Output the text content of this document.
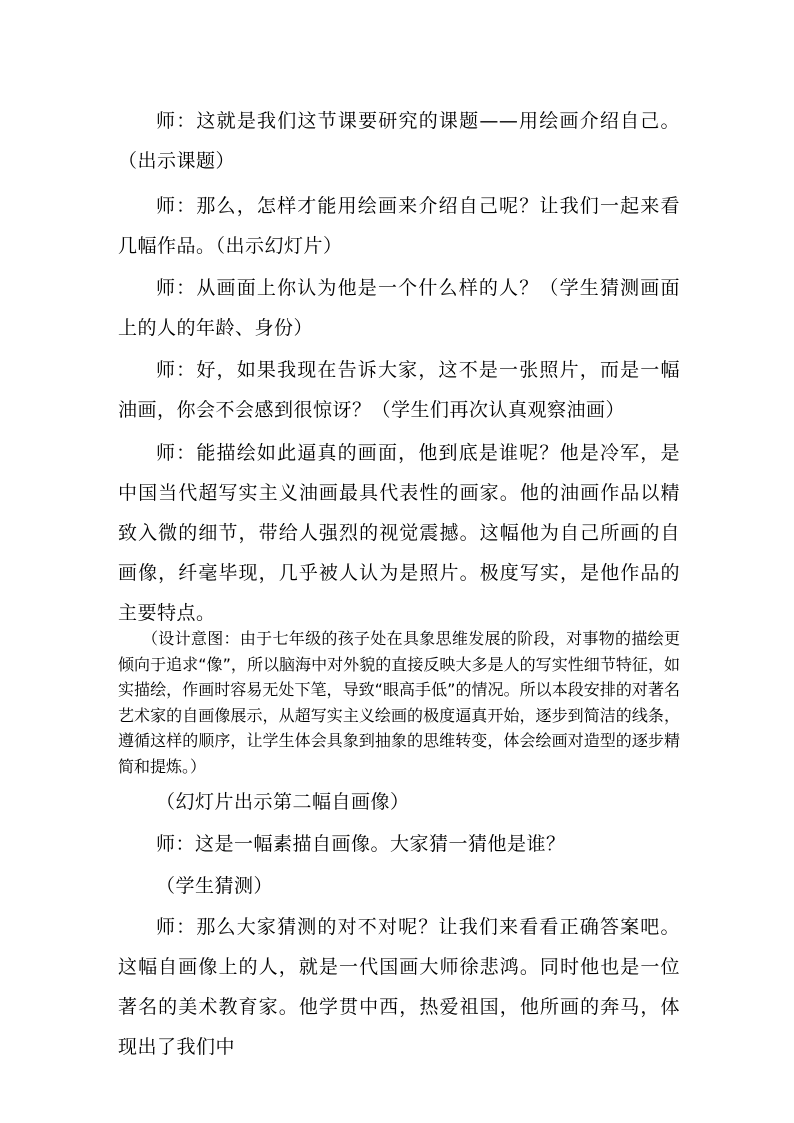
师：这就是我们这节课要研究的课题——用绘画介绍自己。（出示课题）

师：那么，怎样才能用绘画来介绍自己呢？让我们一起来看几幅作品。（出示幻灯片）

师：从画面上你认为他是一个什么样的人？（学生猜测画面上的人的年龄、身份）

师：好，如果我现在告诉大家，这不是一张照片，而是一幅油画，你会不会感到很惊讶？（学生们再次认真观察油画）

师：能描绘如此逼真的画面，他到底是谁呢？他是冷军，是中国当代超写实主义油画最具代表性的画家。他的油画作品以精致入微的细节，带给人强烈的视觉震撼。这幅他为自己所画的自画像，纤毫毕现，几乎被人认为是照片。极度写实，是他作品的主要特点。

（设计意图：由于七年级的孩子处在具象思维发展的阶段，对事物的描绘更倾向于追求“像”，所以脑海中对外貌的直接反映大多是人的写实性细节特征，如实描绘，作画时容易无处下笔，导致“眼高手低”的情况。所以本段安排的对著名艺术家的自画像展示，从超写实主义绘画的极度逼真开始，逐步到简洁的线条，遵循这样的顺序，让学生体会具象到抽象的思维转变，体会绘画对造型的逐步精简和提炼。）

（幻灯片出示第二幅自画像）

师：这是一幅素描自画像。大家猜一猜他是谁？

（学生猜测）

师：那么大家猜测的对不对呢？让我们来看看正确答案吧。这幅自画像上的人，就是一代国画大师徐悲鸿。同时他也是一位著名的美术教育家。他学贯中西，热爱祖国，他所画的奔马，体现出了我们中
